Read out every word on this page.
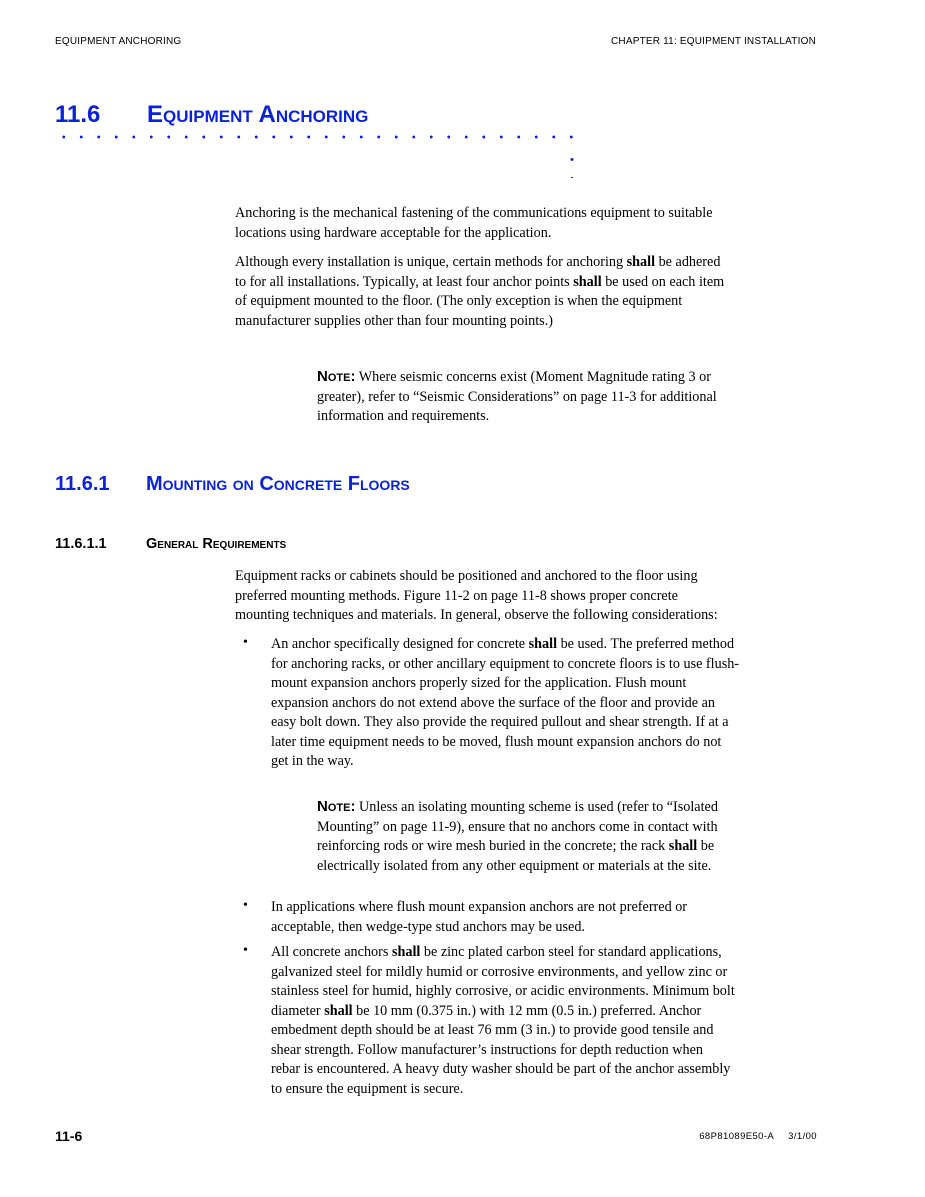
EQUIPMENT ANCHORING	CHAPTER 11: EQUIPMENT INSTALLATION
11.6 Equipment Anchoring
Anchoring is the mechanical fastening of the communications equipment to suitable
locations using hardware acceptable for the application.
Although every installation is unique, certain methods for anchoring shall be adhered
to for all installations. Typically, at least four anchor points shall be used on each item
of equipment mounted to the floor. (The only exception is when the equipment
manufacturer supplies other than four mounting points.)
Note: Where seismic concerns exist (Moment Magnitude rating 3 or
greater), refer to “Seismic Considerations” on page 11-3 for additional
information and requirements.
11.6.1 Mounting on Concrete Floors
11.6.1.1	General Requirements
Equipment racks or cabinets should be positioned and anchored to the floor using
preferred mounting methods. Figure 11-2 on page 11-8 shows proper concrete
mounting techniques and materials. In general, observe the following considerations:
• An anchor specifically designed for concrete shall be used. The preferred method
for anchoring racks, or other ancillary equipment to concrete floors is to use flush-
mount expansion anchors properly sized for the application. Flush mount
expansion anchors do not extend above the surface of the floor and provide an
easy bolt down. They also provide the required pullout and shear strength. If at a
later time equipment needs to be moved, flush mount expansion anchors do not
get in the way.
Note: Unless an isolating mounting scheme is used (refer to “Isolated
Mounting” on page 11-9), ensure that no anchors come in contact with
reinforcing rods or wire mesh buried in the concrete; the rack shall be
electrically isolated from any other equipment or materials at the site.
• In applications where flush mount expansion anchors are not preferred or
acceptable, then wedge-type stud anchors may be used.
• All concrete anchors shall be zinc plated carbon steel for standard applications,
galvanized steel for mildly humid or corrosive environments, and yellow zinc or
stainless steel for humid, highly corrosive, or acidic environments. Minimum bolt
diameter shall be 10 mm (0.375 in.) with 12 mm (0.5 in.) preferred. Anchor
embedment depth should be at least 76 mm (3 in.) to provide good tensile and
shear strength. Follow manufacturer’s instructions for depth reduction when
rebar is encountered. A heavy duty washer should be part of the anchor assembly
to ensure the equipment is secure.
11-6	68P81089E50-A 3/1/00
